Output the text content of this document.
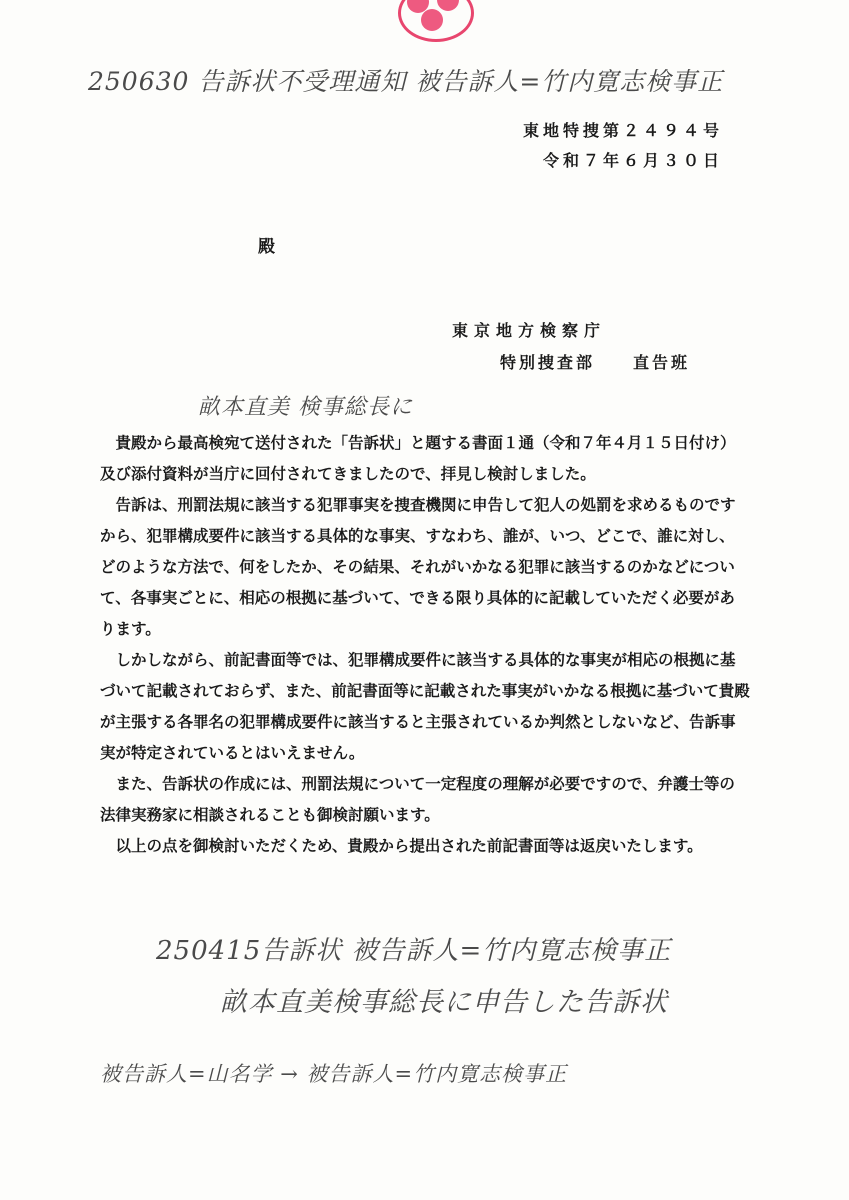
250630 告訴状不受理通知 被告訴人=竹内寛志検事正
東地特捜第２４９４号
令和７年６月３０日
殿
東京地方検察庁
特別捜査部 直告班
畝本直美 検事総長に

貴殿から最高検宛て送付された「告訴状」と題する書面１通（令和７年４月１５日付け）及び添付資料が当庁に回付されてきましたので、拝見し検討しました。

告訴は、刑罰法規に該当する犯罪事実を捜査機関に申告して犯人の処罰を求めるものですから、犯罪構成要件に該当する具体的な事実、すなわち、誰が、いつ、どこで、誰に対し、どのような方法で、何をしたか、その結果、それがいかなる犯罪に該当するのかなどについて、各事実ごとに、相応の根拠に基づいて、できる限り具体的に記載していただく必要があります。

しかしながら、前記書面等では、犯罪構成要件に該当する具体的な事実が相応の根拠に基づいて記載されておらず、また、前記書面等に記載された事実がいかなる根拠に基づいて貴殿が主張する各罪名の犯罪構成要件に該当すると主張されているか判然としないなど、告訴事実が特定されているとはいえません。

また、告訴状の作成には、刑罰法規について一定程度の理解が必要ですので、弁護士等の法律実務家に相談されることも御検討願います。

以上の点を御検討いただくため、貴殿から提出された前記書面等は返戻いたします。

250415告訴状 被告訴人=竹内寛志検事正
畝本直美検事総長に申告した告訴状
被告訴人=山名学 → 被告訴人=竹内寛志検事正
